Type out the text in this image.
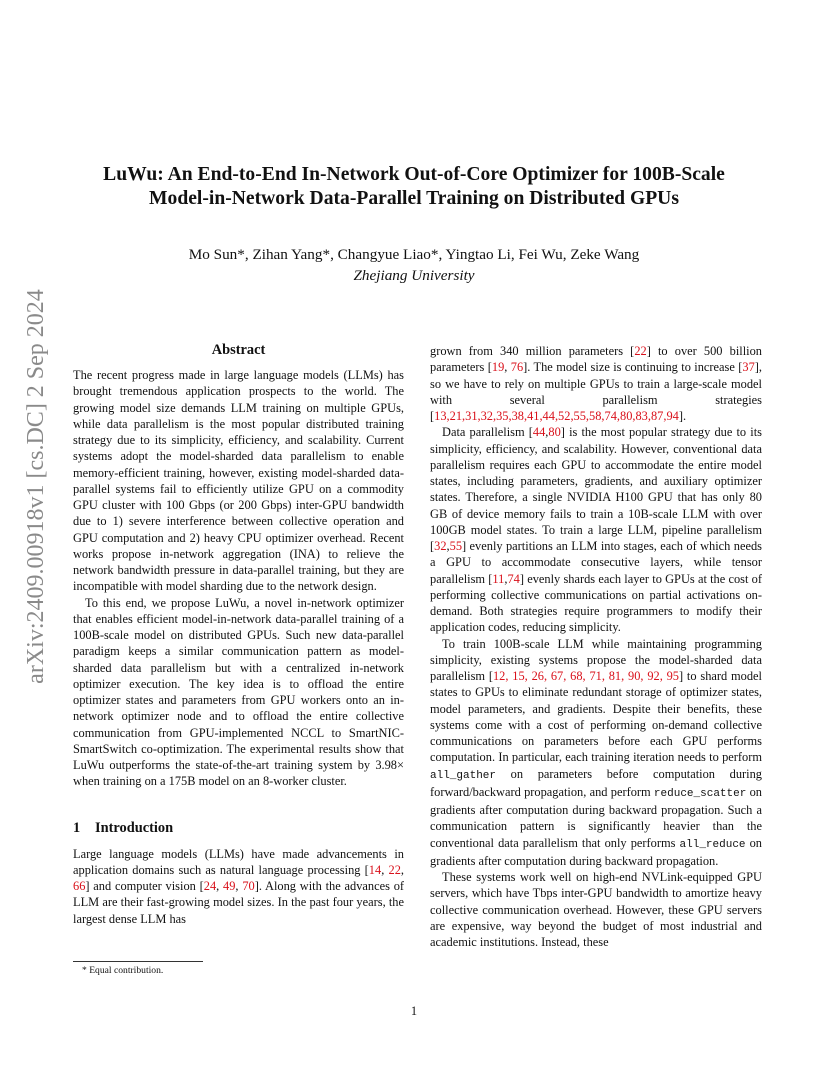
arXiv:2409.00918v1 [cs.DC] 2 Sep 2024
LuWu: An End-to-End In-Network Out-of-Core Optimizer for 100B-Scale
Model-in-Network Data-Parallel Training on Distributed GPUs
Mo Sun*, Zihan Yang*, Changyue Liao*, Yingtao Li, Fei Wu, Zeke Wang
Zhejiang University
Abstract

The recent progress made in large language models (LLMs) has brought tremendous application prospects to the world. The growing model size demands LLM training on multiple GPUs, while data parallelism is the most popular distributed training strategy due to its simplicity, efficiency, and scalability. Current systems adopt the model-sharded data parallelism to enable memory-efficient training, however, existing model-sharded data-parallel systems fail to efficiently utilize GPU on a commodity GPU cluster with 100 Gbps (or 200 Gbps) inter-GPU bandwidth due to 1) severe interference between collective operation and GPU computation and 2) heavy CPU optimizer overhead. Recent works propose in-network aggregation (INA) to relieve the network bandwidth pressure in data-parallel training, but they are incompatible with model sharding due to the network design.

To this end, we propose LuWu, a novel in-network optimizer that enables efficient model-in-network data-parallel training of a 100B-scale model on distributed GPUs. Such new data-parallel paradigm keeps a similar communication pattern as model-sharded data parallelism but with a centralized in-network optimizer execution. The key idea is to offload the entire optimizer states and parameters from GPU workers onto an in-network optimizer node and to offload the entire collective communication from GPU-implemented NCCL to SmartNIC-SmartSwitch co-optimization. The experimental results show that LuWu outperforms the state-of-the-art training system by 3.98× when training on a 175B model on an 8-worker cluster.

1 Introduction

Large language models (LLMs) have made advancements in application domains such as natural language processing [14, 22, 66] and computer vision [24, 49, 70]. Along with the advances of LLM are their fast-growing model sizes. In the past four years, the largest dense LLM has

grown from 340 million parameters [22] to over 500 billion parameters [19, 76]. The model size is continuing to increase [37], so we have to rely on multiple GPUs to train a large-scale model with several parallelism strategies [13,21,31,32,35,38,41,44,52,55,58,74,80,83,87,94].

Data parallelism [44,80] is the most popular strategy due to its simplicity, efficiency, and scalability. However, conventional data parallelism requires each GPU to accommodate the entire model states, including parameters, gradients, and auxiliary optimizer states. Therefore, a single NVIDIA H100 GPU that has only 80 GB of device memory fails to train a 10B-scale LLM with over 100GB model states. To train a large LLM, pipeline parallelism [32,55] evenly partitions an LLM into stages, each of which needs a GPU to accommodate consecutive layers, while tensor parallelism [11,74] evenly shards each layer to GPUs at the cost of performing collective communications on partial activations on-demand. Both strategies require programmers to modify their application codes, reducing simplicity.

To train 100B-scale LLM while maintaining programming simplicity, existing systems propose the model-sharded data parallelism [12, 15, 26, 67, 68, 71, 81, 90, 92, 95] to shard model states to GPUs to eliminate redundant storage of optimizer states, model parameters, and gradients. Despite their benefits, these systems come with a cost of performing on-demand collective communications on parameters before each GPU performs computation. In particular, each training iteration needs to perform all_gather on parameters before computation during forward/backward propagation, and perform reduce_scatter on gradients after computation during backward propagation. Such a communication pattern is significantly heavier than the conventional data parallelism that only performs all_reduce on gradients after computation during backward propagation.

These systems work well on high-end NVLink-equipped GPU servers, which have Tbps inter-GPU bandwidth to amortize heavy collective communication overhead. However, these GPU servers are expensive, way beyond the budget of most industrial and academic institutions. Instead, these

* Equal contribution.
1
